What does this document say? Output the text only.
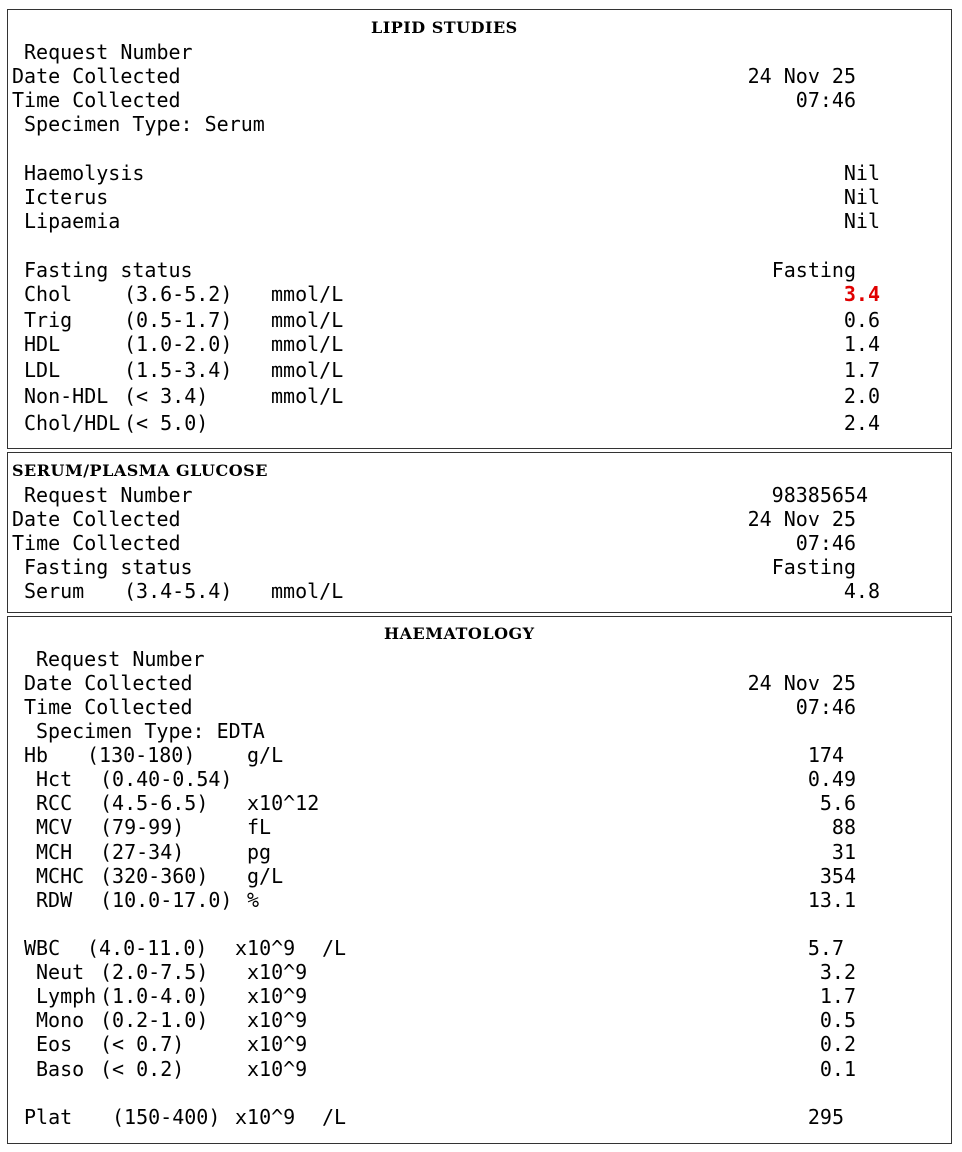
LIPID STUDIES
Request Number
Date Collected	24 Nov 25
Time Collected	07:46
Specimen Type: Serum
Haemolysis	Nil
Icterus	Nil
Lipaemia	Nil
Fasting status	Fasting
Chol	(3.6-5.2) mmol/L	3.4
Trig	(0.5-1.7) mmol/L	0.6
HDL	(1.0-2.0) mmol/L	1.4
LDL	(1.5-3.4) mmol/L	1.7
Non-HDL (< 3.4)	mmol/L	2.0
Chol/HDL (< 5.0)	2.4
SERUM/PLASMA GLUCOSE
Request Number	98385654
Date Collected	24 Nov 25
Time Collected	07:46
Fasting status	Fasting
Serum (3.4-5.4) mmol/L	4.8
HAEMATOLOGY
Request Number
Date Collected	24 Nov 25
Time Collected	07:46
Specimen Type: EDTA
Hb (130-180)	g/L	174
Hct (0.40-0.54)	0.49
RCC (4.5-6.5) x10^12	5.6
MCV (79-99)	fL	88
MCH (27-34)	pg	31
MCHC (320-360) g/L	354
RDW (10.0-17.0) %	13.1
WBC (4.0-11.0) x10^9 /L	5.7
Neut (2.0-7.5) x10^9	3.2
Lymph (1.0-4.0) x10^9	1.7
Mono (0.2-1.0) x10^9	0.5
Eos (< 0.7)	x10^9	0.2
Baso (< 0.2)	x10^9	0.1
Plat (150-400) x10^9 /L	295
